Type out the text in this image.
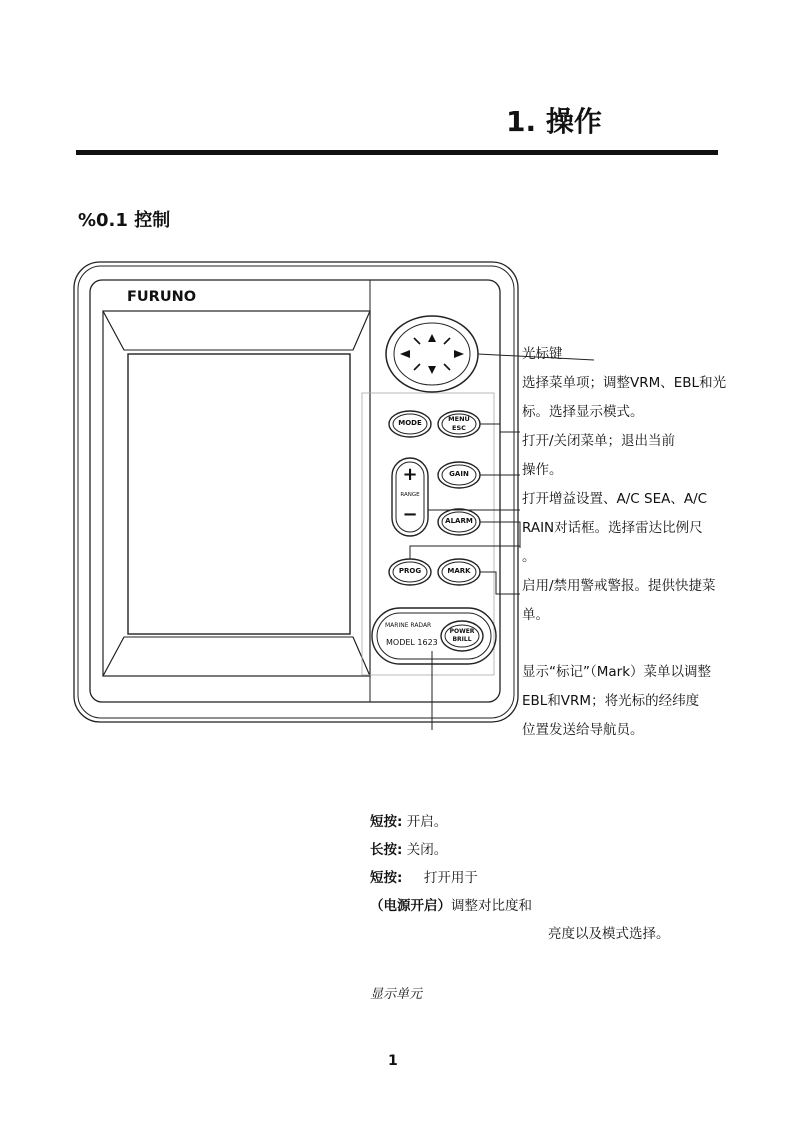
1. 操作
%0.1 控制
FURUNO
MODE	MENU
ESC
GAIN
ALARM
PROG	MARK
+
RANGE
−
MARINE RADAR
MODEL 1623
POWER
BRILL
光标键
选择菜单项；调整VRM、EBL和光
标。选择显示模式。
打开/关闭菜单；退出当前
操作。
打开增益设置、A/C SEA、A/C
RAIN对话框。选择雷达比例尺
。
启用/禁用警戒警报。提供快捷菜
单。
显示“标记”（Mark）菜单以调整
EBL和VRM；将光标的经纬度
位置发送给导航员。
短按: 开启。
长按: 关闭。
短按: 打开用于
（电源开启）调整对比度和
亮度以及模式选择。
显示单元
1
